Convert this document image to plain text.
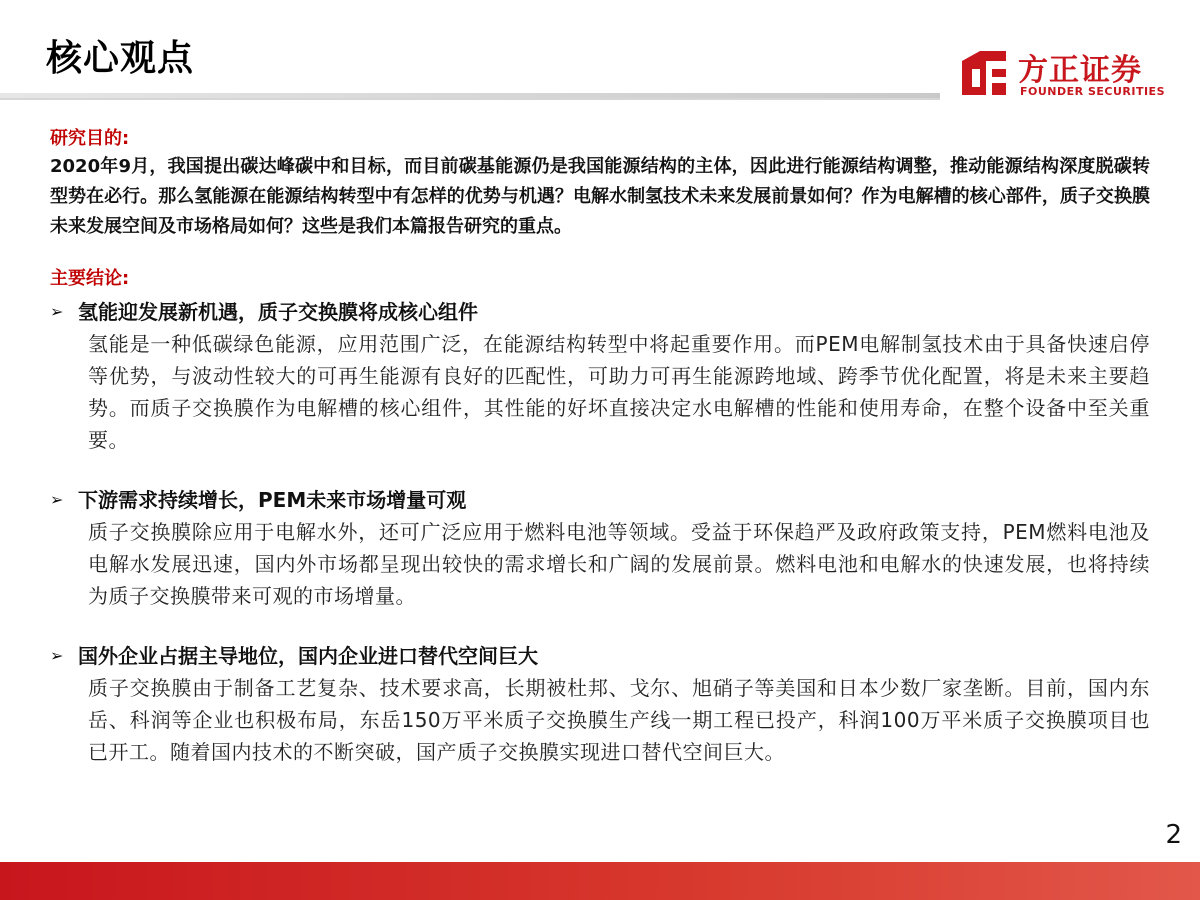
核心观点	方正证券
FOUNDER SECURITIES
研究目的:
2020年9月，我国提出碳达峰碳中和目标，而目前碳基能源仍是我国能源结构的主体，因此进行能源结构调整，推动能源结构深度脱碳转型势在必行。那么氢能源在能源结构转型中有怎样的优势与机遇？电解水制氢技术未来发展前景如何？作为电解槽的核心部件，质子交换膜未来发展空间及市场格局如何？这些是我们本篇报告研究的重点。
主要结论:
➢ 氢能迎发展新机遇，质子交换膜将成核心组件
氢能是一种低碳绿色能源，应用范围广泛，在能源结构转型中将起重要作用。而PEM电解制氢技术由于具备快速启停等优势，与波动性较大的可再生能源有良好的匹配性，可助力可再生能源跨地域、跨季节优化配置，将是未来主要趋势。而质子交换膜作为电解槽的核心组件，其性能的好坏直接决定水电解槽的性能和使用寿命，在整个设备中至关重要。
➢ 下游需求持续增长，PEM未来市场增量可观
质子交换膜除应用于电解水外，还可广泛应用于燃料电池等领域。受益于环保趋严及政府政策支持，PEM燃料电池及电解水发展迅速，国内外市场都呈现出较快的需求增长和广阔的发展前景。燃料电池和电解水的快速发展，也将持续为质子交换膜带来可观的市场增量。
➢ 国外企业占据主导地位，国内企业进口替代空间巨大
质子交换膜由于制备工艺复杂、技术要求高，长期被杜邦、戈尔、旭硝子等美国和日本少数厂家垄断。目前，国内东岳、科润等企业也积极布局，东岳150万平米质子交换膜生产线一期工程已投产，科润100万平米质子交换膜项目也已开工。随着国内技术的不断突破，国产质子交换膜实现进口替代空间巨大。
2
